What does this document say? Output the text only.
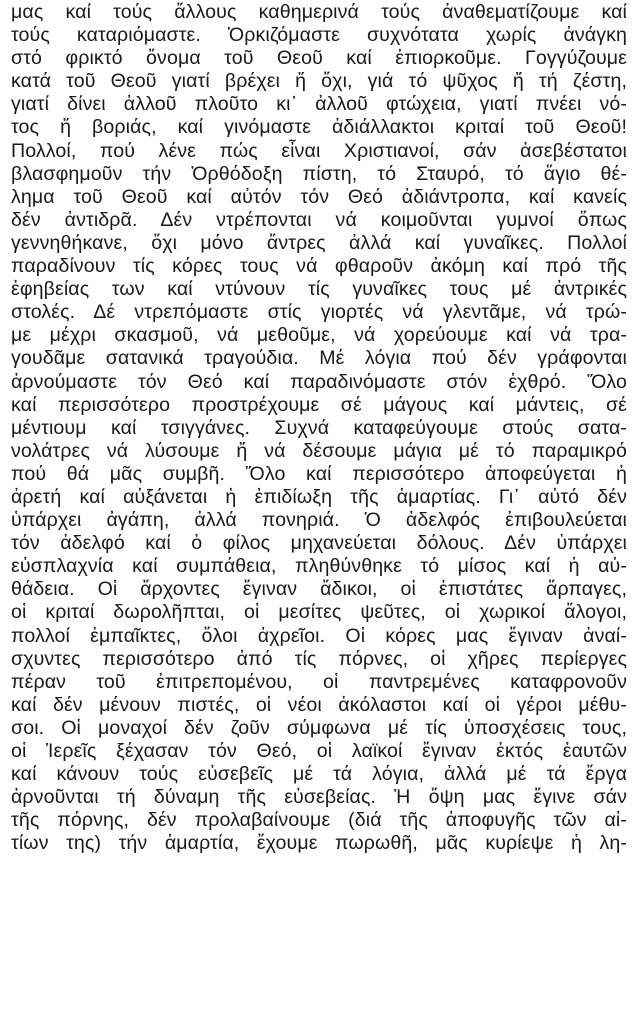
μας καί τούς ἄλλους καθημερινά τούς ἀναθεματίζουμε καί
τούς καταριόμαστε. Ὁρκιζόμαστε συχνότατα χωρίς ἀνάγκη
στό φρικτό ὄνομα τοῦ Θεοῦ καί ἐπιορκοῦμε. Γογγύζουμε
κατά τοῦ Θεοῦ γιατί βρέχει ἤ ὄχι, γιά τό ψῦχος ἤ τή ζέστη,
γιατί δίνει ἀλλοῦ πλοῦτο κι᾽ ἀλλοῦ φτώχεια, γιατί πνέει νό-
τος ἤ βοριάς, καί γινόμαστε ἀδιάλλακτοι κριταί τοῦ Θεοῦ!
Πολλοί, πού λένε πώς εἶναι Χριστιανοί, σάν ἀσεβέστατοι
βλασφημοῦν τήν Ὀρθόδοξη πίστη, τό Σταυρό, τό ἅγιο θέ-
λημα τοῦ Θεοῦ καί αὐτόν τόν Θεό ἀδιάντροπα, καί κανείς
δέν ἀντιδρᾶ. Δέν ντρέπονται νά κοιμοῦνται γυμνοί ὅπως
γεννηθήκανε, ὄχι μόνο ἄντρες ἀλλά καί γυναῖκες. Πολλοί
παραδίνουν τίς κόρες τους νά φθαροῦν ἀκόμη καί πρό τῆς
ἐφηβείας των καί ντύνουν τίς γυναῖκες τους μέ ἀντρικές
στολές. Δέ ντρεπόμαστε στίς γιορτές νά γλεντᾶμε, νά τρώ-
με μέχρι σκασμοῦ, νά μεθοῦμε, νά χορεύουμε καί νά τρα-
γουδᾶμε σατανικά τραγούδια. Μέ λόγια πού δέν γράφονται
ἀρνούμαστε τόν Θεό καί παραδινόμαστε στόν ἐχθρό. Ὅλο
καί περισσότερο προστρέχουμε σέ μάγους καί μάντεις, σέ
μέντιουμ καί τσιγγάνες. Συχνά καταφεύγουμε στούς σατα-
νολάτρες νά λύσουμε ἤ νά δέσουμε μάγια μέ τό παραμικρό
πού θά μᾶς συμβῆ. Ὅλο καί περισσότερο ἀποφεύγεται ἡ
ἀρετή καί αὐξάνεται ἡ ἐπιδίωξη τῆς ἁμαρτίας. Γι᾽ αὐτό δέν
ὑπάρχει ἀγάπη, ἀλλά πονηριά. Ὁ ἀδελφός ἐπιβουλεύεται
τόν ἀδελφό καί ὁ φίλος μηχανεύεται δόλους. Δέν ὑπάρχει
εὐσπλαχνία καί συμπάθεια, πληθύνθηκε τό μίσος καί ἡ αὐ-
θάδεια. Οἱ ἄρχοντες ἔγιναν ἄδικοι, οἱ ἐπιστάτες ἅρπαγες,
οἱ κριταί δωρολῆπται, οἱ μεσίτες ψεῦτες, οἱ χωρικοί ἄλογοι,
πολλοί ἐμπαῖκτες, ὅλοι ἀχρεῖοι. Οἱ κόρες μας ἔγιναν ἀναί-
σχυντες περισσότερο ἀπό τίς πόρνες, οἱ χῆρες περίεργες
πέραν τοῦ ἐπιτρεπομένου, οἱ παντρεμένες καταφρονοῦν
καί δέν μένουν πιστές, οἱ νέοι ἀκόλαστοι καί οἱ γέροι μέθυ-
σοι. Οἱ μοναχοί δέν ζοῦν σύμφωνα μέ τίς ὑποσχέσεις τους,
οἱ Ἱερεῖς ξέχασαν τόν Θεό, οἱ λαϊκοί ἔγιναν ἐκτός ἑαυτῶν
καί κάνουν τούς εὐσεβεῖς μέ τά λόγια, ἀλλά μέ τά ἔργα
ἀρνοῦνται τή δύναμη τῆς εὐσεβείας. Ἡ ὄψη μας ἔγινε σάν
τῆς πόρνης, δέν προλαβαίνουμε (διά τῆς ἀποφυγῆς τῶν αἰ-
τίων της) τήν ἁμαρτία, ἔχουμε πωρωθῆ, μᾶς κυρίεψε ἡ λη-
